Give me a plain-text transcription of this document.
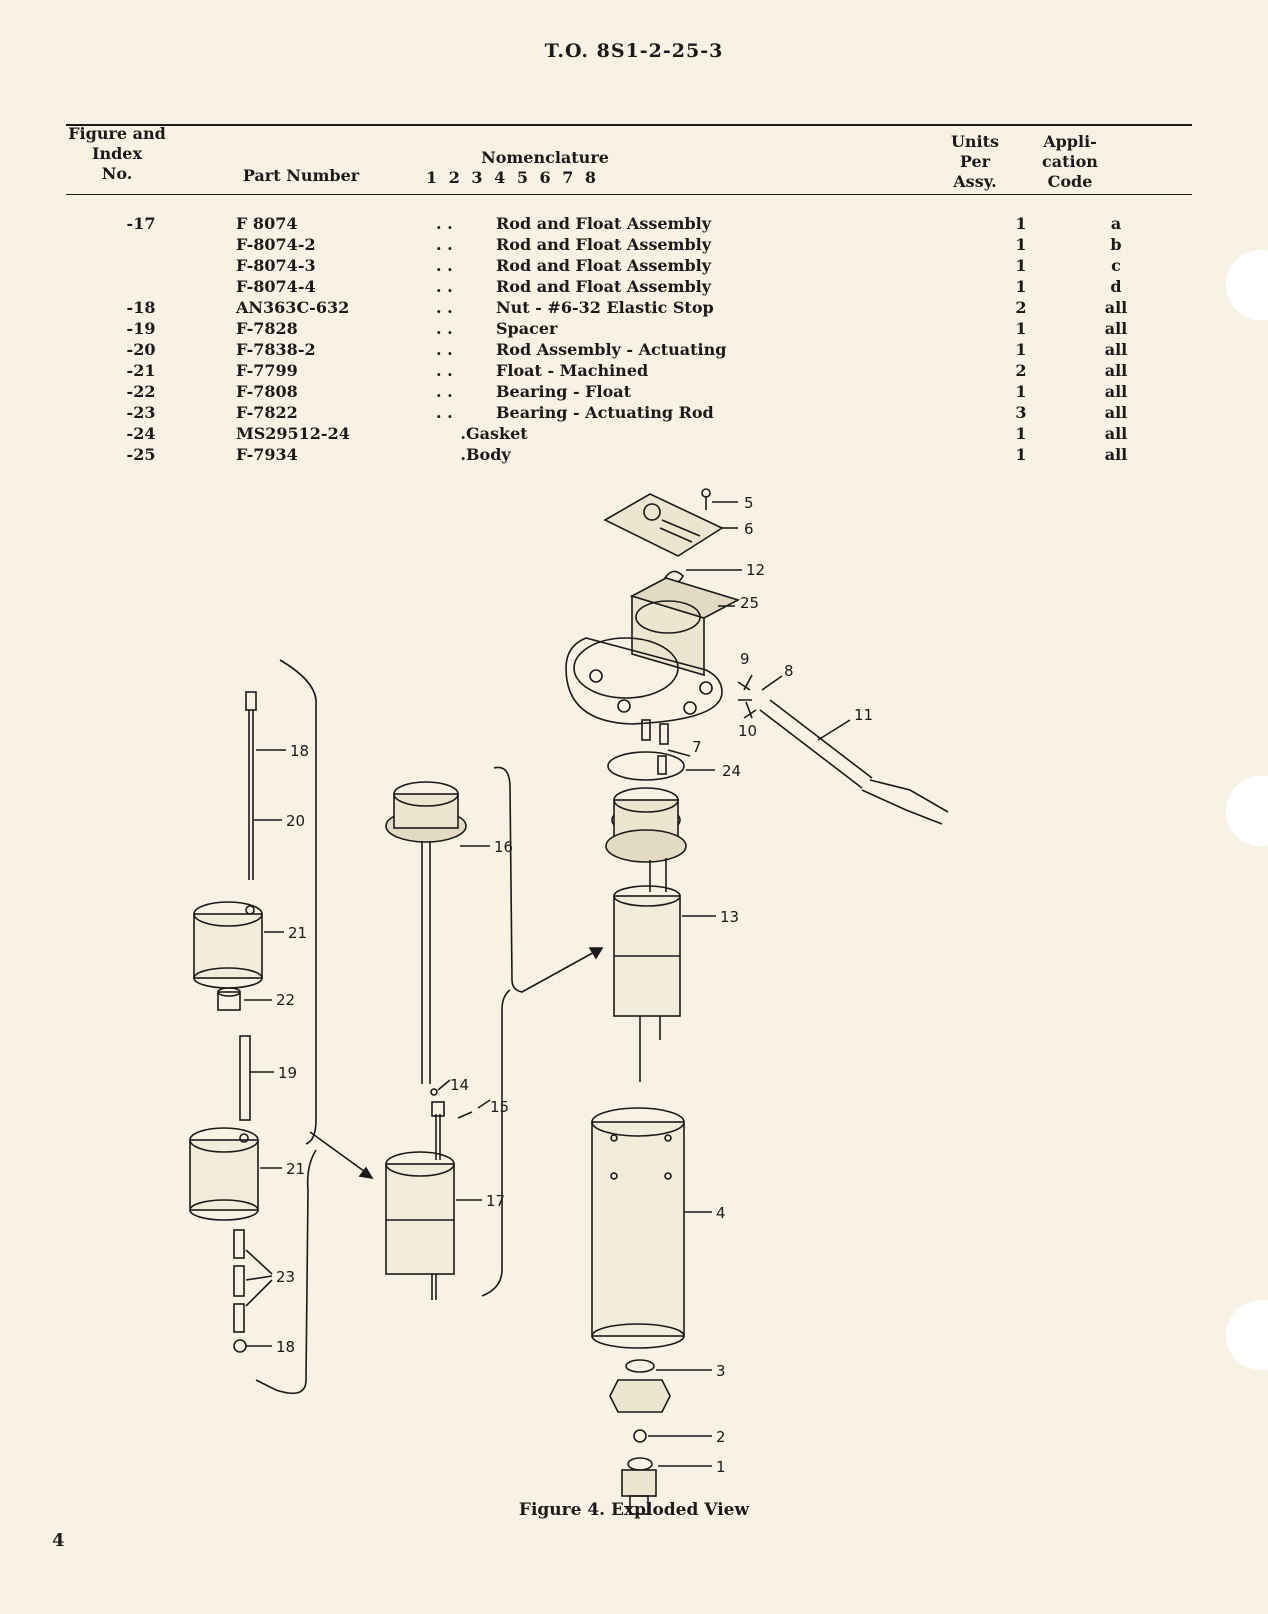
T.O. 8S1-2-25-3
Figure and
Index
No.	Part Number
Nomenclature
1 2 3 4 5 6 7 8
Units
Per
Assy.
Appli-
cation
Code
-17	F 8074	. . Rod and Float Assembly	1	a
	F-8074-2	. . Rod and Float Assembly	1	b
	F-8074-3	. . Rod and Float Assembly	1	c
	F-8074-4	. . Rod and Float Assembly	1	d
-18	AN363C-632	. . Nut - #6-32 Elastic Stop	2	all
-19	F-7828	. . Spacer	1	all
-20	F-7838-2	. . Rod Assembly - Actuating	1	all
-21	F-7799	. . Float - Machined	2	all
-22	F-7808	. . Bearing - Float	1	all
-23	F-7822	. . Bearing - Actuating Rod	3	all
-24	MS29512-24	.Gasket	1	all
-25	F-7934	.Body	1	all
5
6
12
25
9
8
10
11
7
24
18
20
16
13
21
22
19
14
15
17
21
23
18
4
3
2
1
Figure 4. Exploded View
4
